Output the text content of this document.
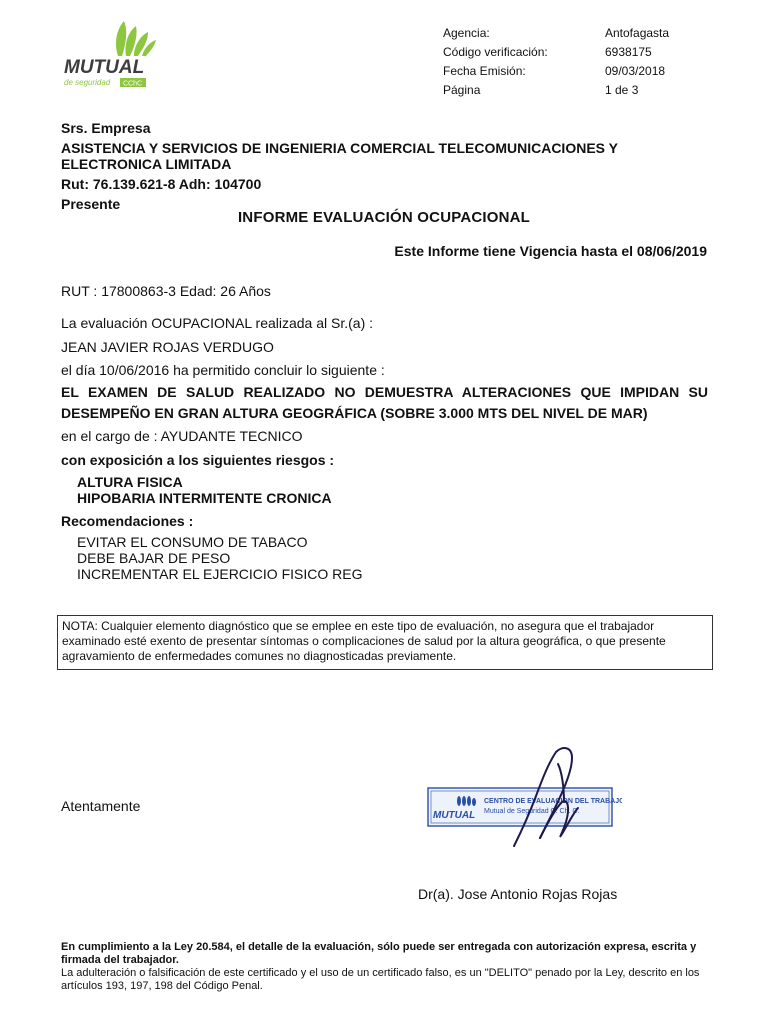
MUTUAL
de seguridad CChC
Agencia:	Antofagasta
Código verificación:	6938175
Fecha Emisión:	09/03/2018
Página	1 de 3
Srs. Empresa
ASISTENCIA Y SERVICIOS DE INGENIERIA COMERCIAL TELECOMUNICACIONES Y ELECTRONICA LIMITADA
Rut: 76.139.621-8 Adh: 104700
Presente
INFORME EVALUACIÓN OCUPACIONAL
Este Informe tiene Vigencia hasta el 08/06/2019
RUT : 17800863-3 Edad: 26 Años
La evaluación OCUPACIONAL realizada al Sr.(a) :
JEAN JAVIER ROJAS VERDUGO
el día 10/06/2016 ha permitido concluir lo siguiente :
EL EXAMEN DE SALUD REALIZADO NO DEMUESTRA ALTERACIONES QUE IMPIDAN SU DESEMPEÑO EN GRAN ALTURA GEOGRÁFICA (SOBRE 3.000 MTS DEL NIVEL DE MAR)
en el cargo de : AYUDANTE TECNICO
con exposición a los siguientes riesgos :
ALTURA FISICA
HIPOBARIA INTERMITENTE CRONICA
Recomendaciones :
EVITAR EL CONSUMO DE TABACO
DEBE BAJAR DE PESO
INCREMENTAR EL EJERCICIO FISICO REG
NOTA: Cualquier elemento diagnóstico que se emplee en este tipo de evaluación, no asegura que el trabajador examinado esté exento de presentar síntomas o complicaciones de salud por la altura geográfica, o que presente agravamiento de enfermedades comunes no diagnosticadas previamente.
Atentamente
MUTUAL
CENTRO DE EVALUACION DEL TRABAJO
Mutual de Seguridad C. Ch. C.
Dr(a). Jose Antonio Rojas Rojas
En cumplimiento a la Ley 20.584, el detalle de la evaluación, sólo puede ser entregada con autorización expresa, escrita y firmada del trabajador.
La adulteración o falsificación de este certificado y el uso de un certificado falso, es un "DELITO" penado por la Ley, descrito en los artículos 193, 197, 198 del Código Penal.
